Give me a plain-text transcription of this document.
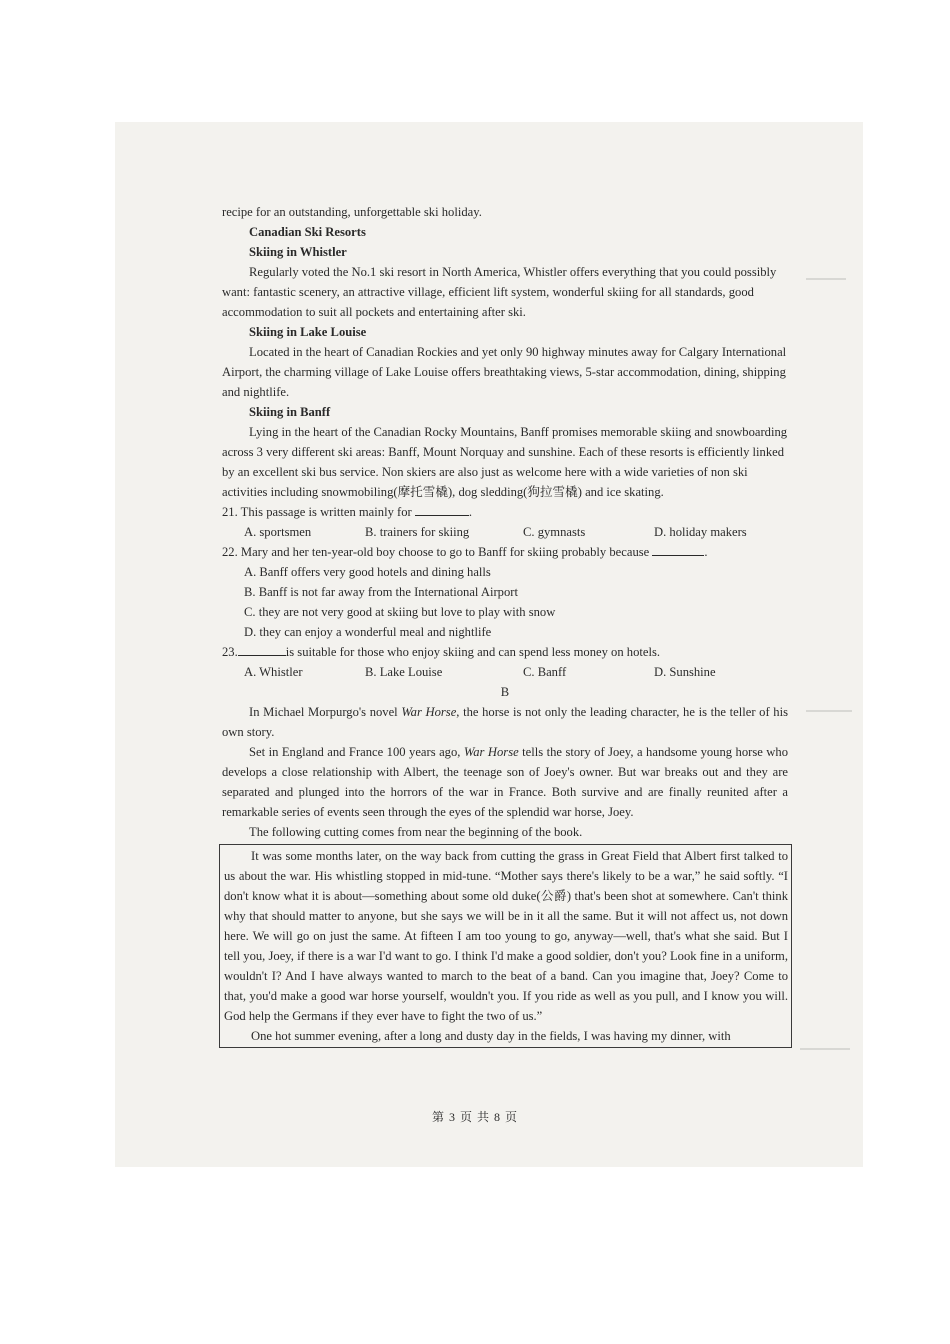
recipe for an outstanding, unforgettable ski holiday.

Canadian Ski Resorts

Skiing in Whistler

Regularly voted the No.1 ski resort in North America, Whistler offers everything that you could possibly want: fantastic scenery, an attractive village, efficient lift system, wonderful skiing for all standards, good accommodation to suit all pockets and entertaining after ski.

Skiing in Lake Louise

Located in the heart of Canadian Rockies and yet only 90 highway minutes away for Calgary International Airport, the charming village of Lake Louise offers breathtaking views, 5-star accommodation, dining, shipping and nightlife.

Skiing in Banff

Lying in the heart of the Canadian Rocky Mountains, Banff promises memorable skiing and snowboarding across 3 very different ski areas: Banff, Mount Norquay and sunshine. Each of these resorts is efficiently linked by an excellent ski bus service. Non skiers are also just as welcome here with a wide varieties of non ski activities including snowmobiling(摩托雪橇), dog sledding(狗拉雪橇) and ice skating.

21. This passage is written mainly for	.

A. sportsmen	B. trainers for skiing	C. gymnasts	D. holiday makers

22. Mary and her ten-year-old boy choose to go to Banff for skiing probably because	.

A. Banff offers very good hotels and dining halls

B. Banff is not far away from the International Airport

C. they are not very good at skiing but love to play with snow

D. they can enjoy a wonderful meal and nightlife

23.	is suitable for those who enjoy skiing and can spend less money on hotels.

A. Whistler	B. Lake Louise	C. Banff	D. Sunshine

B

In Michael Morpurgo's novel War Horse, the horse is not only the leading character, he is the teller of his own story.

Set in England and France 100 years ago, War Horse tells the story of Joey, a handsome young horse who develops a close relationship with Albert, the teenage son of Joey's owner. But war breaks out and they are separated and plunged into the horrors of the war in France. Both survive and are finally reunited after a remarkable series of events seen through the eyes of the splendid war horse, Joey.

The following cutting comes from near the beginning of the book.

It was some months later, on the way back from cutting the grass in Great Field that Albert first talked to us about the war. His whistling stopped in mid-tune. “Mother says there's likely to be a war,” he said softly. “I don't know what it is about—something about some old duke(公爵) that's been shot at somewhere. Can't think why that should matter to anyone, but she says we will be in it all the same. But it will not affect us, not down here. We will go on just the same. At fifteen I am too young to go, anyway—well, that's what she said. But I tell you, Joey, if there is a war I'd want to go. I think I'd make a good soldier, don't you? Look fine in a uniform, wouldn't I? And I have always wanted to march to the beat of a band. Can you imagine that, Joey? Come to that, you'd make a good war horse yourself, wouldn't you. If you ride as well as you pull, and I know you will. God help the Germans if they ever have to fight the two of us.”

One hot summer evening, after a long and dusty day in the fields, I was having my dinner, with

第 3 页 共 8 页
